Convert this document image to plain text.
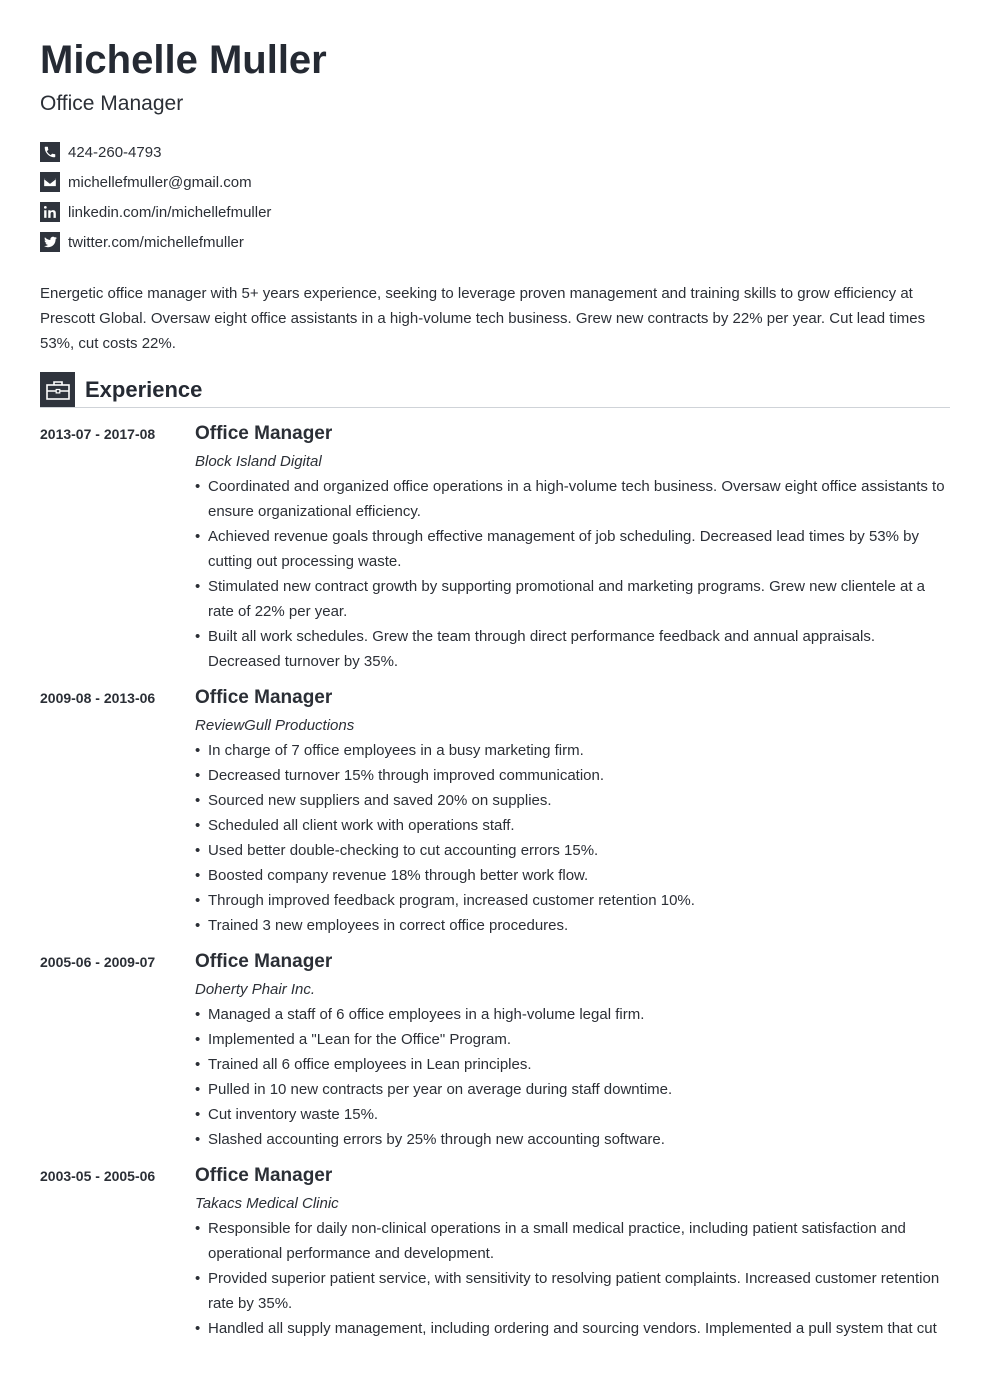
Michelle Muller
Office Manager
424-260-4793
michellefmuller@gmail.com
linkedin.com/in/michellefmuller
twitter.com/michellefmuller
Energetic office manager with 5+ years experience, seeking to leverage proven management and training skills to grow efficiency at Prescott Global. Oversaw eight office assistants in a high-volume tech business. Grew new contracts by 22% per year. Cut lead times 53%, cut costs 22%.
Experience
2013-07 - 2017-08 Office Manager
Block Island Digital
• Coordinated and organized office operations in a high-volume tech business. Oversaw eight office assistants to ensure organizational efficiency.
• Achieved revenue goals through effective management of job scheduling. Decreased lead times by 53% by cutting out processing waste.
• Stimulated new contract growth by supporting promotional and marketing programs. Grew new clientele at a rate of 22% per year.
• Built all work schedules. Grew the team through direct performance feedback and annual appraisals. Decreased turnover by 35%.
2009-08 - 2013-06 Office Manager
ReviewGull Productions
• In charge of 7 office employees in a busy marketing firm.
• Decreased turnover 15% through improved communication.
• Sourced new suppliers and saved 20% on supplies.
• Scheduled all client work with operations staff.
• Used better double-checking to cut accounting errors 15%.
• Boosted company revenue 18% through better work flow.
• Through improved feedback program, increased customer retention 10%.
• Trained 3 new employees in correct office procedures.
2005-06 - 2009-07 Office Manager
Doherty Phair Inc.
• Managed a staff of 6 office employees in a high-volume legal firm.
• Implemented a "Lean for the Office" Program.
• Trained all 6 office employees in Lean principles.
• Pulled in 10 new contracts per year on average during staff downtime.
• Cut inventory waste 15%.
• Slashed accounting errors by 25% through new accounting software.
2003-05 - 2005-06 Office Manager
Takacs Medical Clinic
• Responsible for daily non-clinical operations in a small medical practice, including patient satisfaction and operational performance and development.
• Provided superior patient service, with sensitivity to resolving patient complaints. Increased customer retention rate by 35%.
• Handled all supply management, including ordering and sourcing vendors. Implemented a pull system that cut
